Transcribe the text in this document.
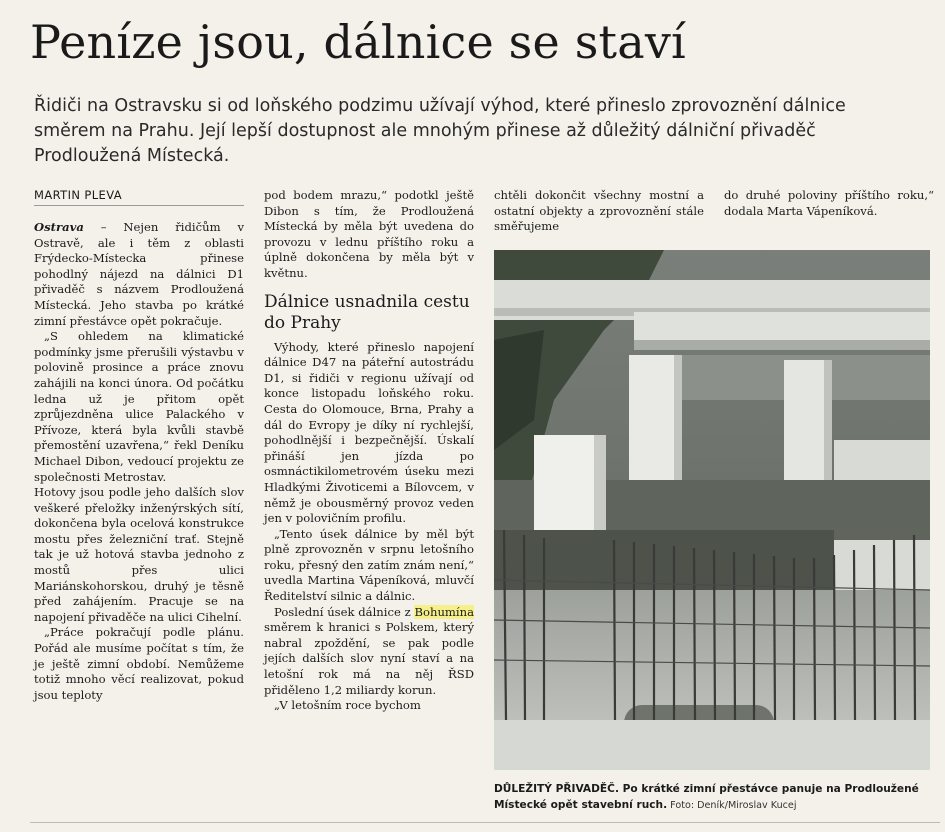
Peníze jsou, dálnice se staví
Řidiči na Ostravsku si od loňského podzimu užívají výhod, které přineslo zprovoznění dálnice směrem na Prahu. Její lepší dostupnost ale mnohým přinese až důležitý dálniční přivaděč Prodloužená Místecká.
MARTIN PLEVA

Ostrava – Nejen řidičům v Ostravě, ale i těm z oblasti Frýdecko-Místecka přinese pohodlný nájezd na dálnici D1 přivaděč s názvem Prodloužená Místecká. Jeho stavba po krátké zimní přestávce opět pokračuje.

„S ohledem na klimatické podmínky jsme přerušili výstavbu v polovině prosince a práce znovu zahájili na konci února. Od počátku ledna už je přitom opět zprůjezdněna ulice Palackého v Přívoze, která byla kvůli stavbě přemostění uzavřena,“ řekl Deníku Michael Dibon, vedoucí projektu ze společnosti Metrostav.

Hotovy jsou podle jeho dalších slov veškeré přeložky inženýrských sítí, dokončena byla ocelová konstrukce mostu přes železniční trať. Stejně tak je už hotová stavba jednoho z mostů přes ulici Mariánskohorskou, druhý je těsně před zahájením. Pracuje se na napojení přivaděče na ulici Cihelní.

„Práce pokračují podle plánu. Pořád ale musíme počítat s tím, že je ještě zimní období. Nemůžeme totiž mnoho věcí realizovat, pokud jsou teploty

pod bodem mrazu,“ podotkl ještě Dibon s tím, že Prodloužená Místecká by měla být uvedena do provozu v lednu příštího roku a úplně dokončena by měla být v květnu.

Dálnice usnadnila cestu do Prahy

Výhody, které přineslo napojení dálnice D47 na páteřní autostrádu D1, si řidiči v regionu užívají od konce listopadu loňského roku. Cesta do Olomouce, Brna, Prahy a dál do Evropy je díky ní rychlejší, pohodlnější i bezpečnější. Úskalí přináší jen jízda po osmnáctikilometrovém úseku mezi Hladkými Životicemi a Bílovcem, v němž je obousměrný provoz veden jen v polovičním profilu.

„Tento úsek dálnice by měl být plně zprovozněn v srpnu letošního roku, přesný den zatím znám není,“ uvedla Martina Vápeníková, mluvčí Ředitelství silnic a dálnic.

Poslední úsek dálnice z Bohumína směrem k hranici s Polskem, který nabral zpoždění, se pak podle jejích dalších slov nyní staví a na letošní rok má na něj ŘSD přiděleno 1,2 miliardy korun.

„V letošním roce bychom

chtěli dokončit všechny mostní a ostatní objekty a zprovoznění stále směřujeme

do druhé poloviny příštího roku,“ dodala Marta Vápeníková.

DŮLEŽITÝ PŘIVADĚČ. Po krátké zimní přestávce panuje na Prodloužené Místecké opět stavební ruch. Foto: Deník/Miroslav Kucej
